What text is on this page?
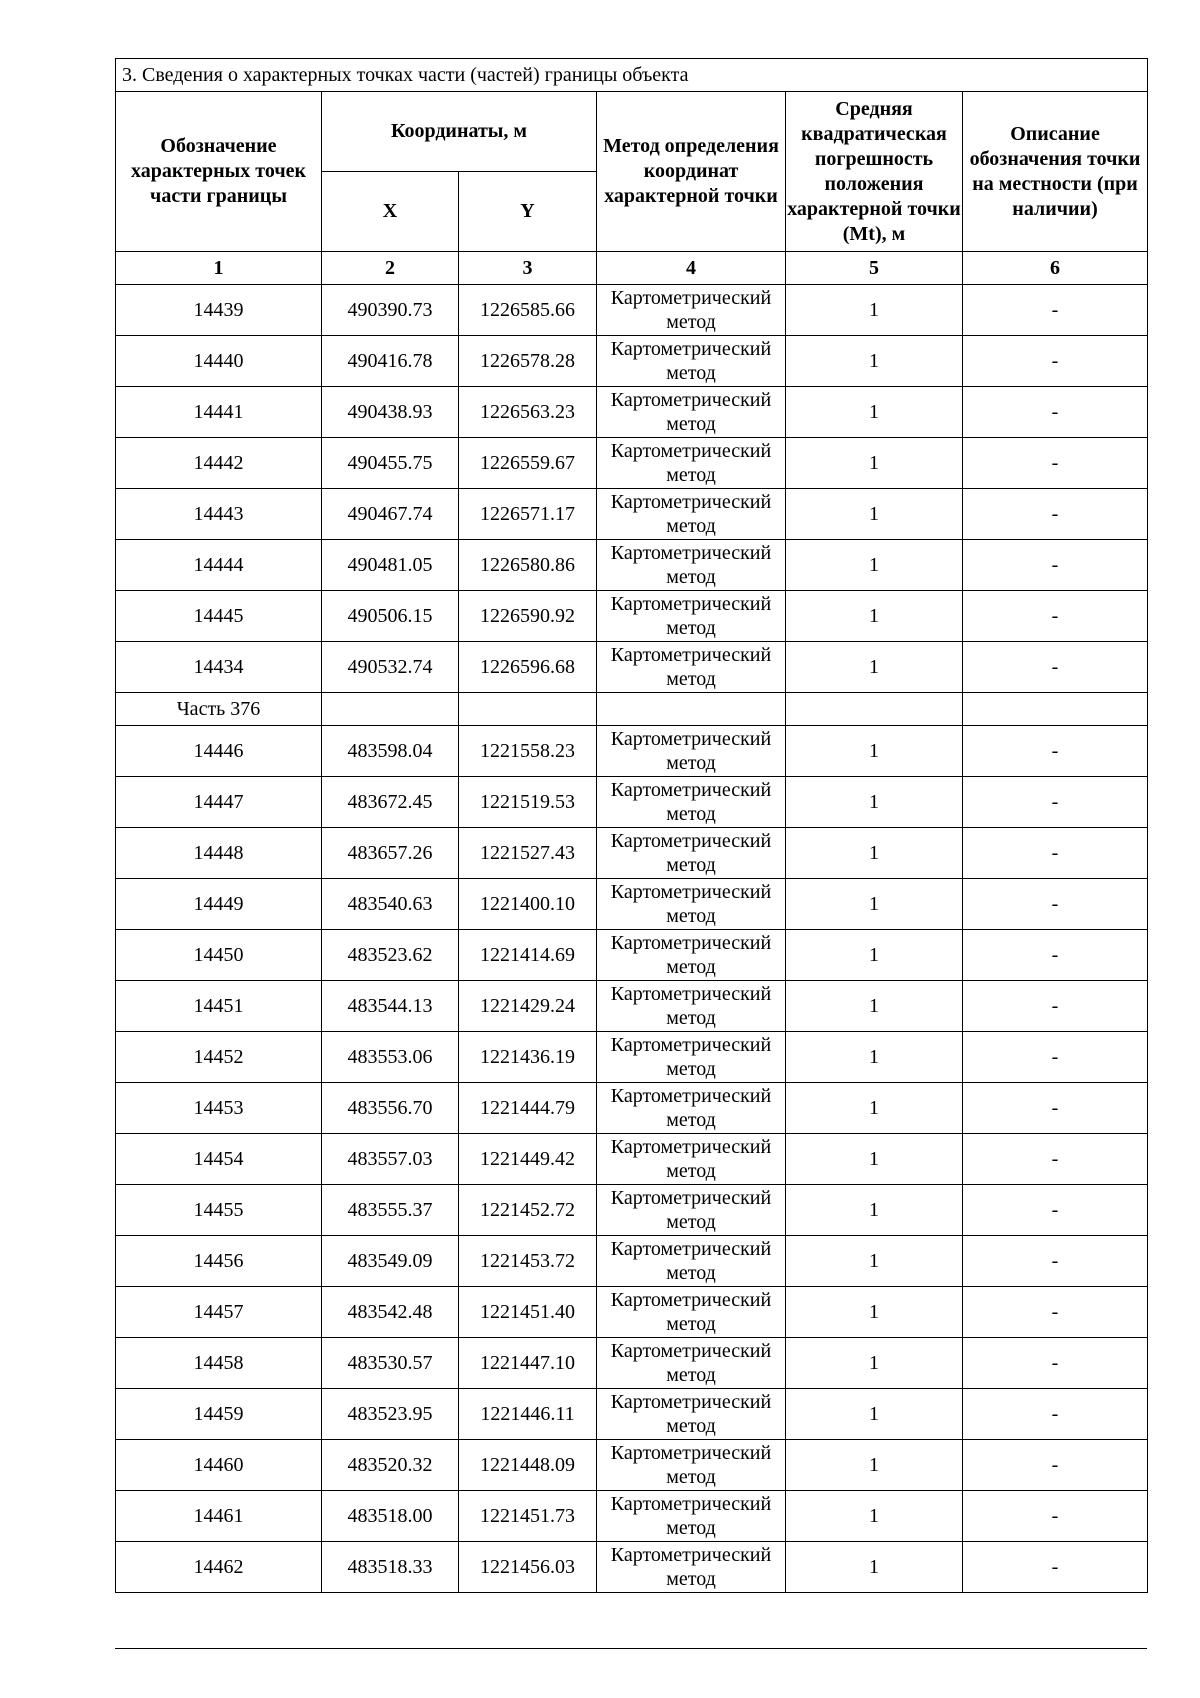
3. Сведения о характерных точках части (частей) границы объекта					
Обозначение характерных точек части границы	Координаты, м		Метод определения координат характерной точки	Средняя квадратическая погрешность положения характерной точки (Mt), м	Описание обозначения точки на местности (при наличии)
	X	Y			
1	2	3	4	5	6
14439	490390.73	1226585.66	Картометрический метод	1	-
14440	490416.78	1226578.28	Картометрический метод	1	-
14441	490438.93	1226563.23	Картометрический метод	1	-
14442	490455.75	1226559.67	Картометрический метод	1	-
14443	490467.74	1226571.17	Картометрический метод	1	-
14444	490481.05	1226580.86	Картометрический метод	1	-
14445	490506.15	1226590.92	Картометрический метод	1	-
14434	490532.74	1226596.68	Картометрический метод	1	-
Часть 376					
14446	483598.04	1221558.23	Картометрический метод	1	-
14447	483672.45	1221519.53	Картометрический метод	1	-
14448	483657.26	1221527.43	Картометрический метод	1	-
14449	483540.63	1221400.10	Картометрический метод	1	-
14450	483523.62	1221414.69	Картометрический метод	1	-
14451	483544.13	1221429.24	Картометрический метод	1	-
14452	483553.06	1221436.19	Картометрический метод	1	-
14453	483556.70	1221444.79	Картометрический метод	1	-
14454	483557.03	1221449.42	Картометрический метод	1	-
14455	483555.37	1221452.72	Картометрический метод	1	-
14456	483549.09	1221453.72	Картометрический метод	1	-
14457	483542.48	1221451.40	Картометрический метод	1	-
14458	483530.57	1221447.10	Картометрический метод	1	-
14459	483523.95	1221446.11	Картометрический метод	1	-
14460	483520.32	1221448.09	Картометрический метод	1	-
14461	483518.00	1221451.73	Картометрический метод	1	-
14462	483518.33	1221456.03	Картометрический метод	1	-
